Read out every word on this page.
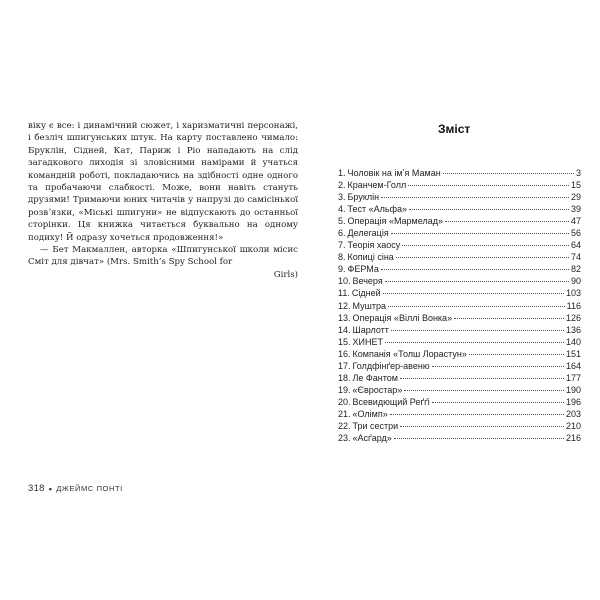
віку є все: і динамічний сюжет, і харизматичні персонажі, і безліч шпигунських штук. На карту поставлено чимало: Бруклін, Сідней, Кат, Париж і Ріо нападають на слід загадкового лиходія зі зловісними намірами й учаться командній роботі, покладаючись на здібності одне одного та пробачаючи слабкості. Може, вони навіть стануть друзями! Тримаючи юних читачів у напрузі до самісінької розвʼязки, «Міські шпигуни» не відпускають до останньої сторінки. Ця книжка читається буквально на одному подиху! Й одразу хочеться продовження!»

— Бет Макмаллен, авторка «Шпигунської школи місис Сміт для дівчат» (Mrs. Smith’s Spy School for

Girls)

318 • ДЖЕЙМС ПОНТІ
Зміст
1. Чоловік на імʼя Маман	3
2. Кранчем-Голл	15
3. Бруклін	29
4. Тест «Альфа»	39
5. Операція «Мармелад»	47
6. Делегація	56
7. Теорія хаосу	64
8. Копиці сіна	74
9. ФЕРМа	82
10. Вечеря	90
11. Сідней	103
12. Муштра	116
13. Операція «Віллі Вонка»	126
14. Шарлотт	136
15. ХИНЕТ	140
16. Компанія «Толш Лорастун»	151
17. Голдфінґер-авеню	164
18. Ле Фантом	177
19. «Євростар»	190
20. Всевидющий Реґґі	196
21. «Олімп»	203
22. Три сестри	210
23. «Асґард»	216
